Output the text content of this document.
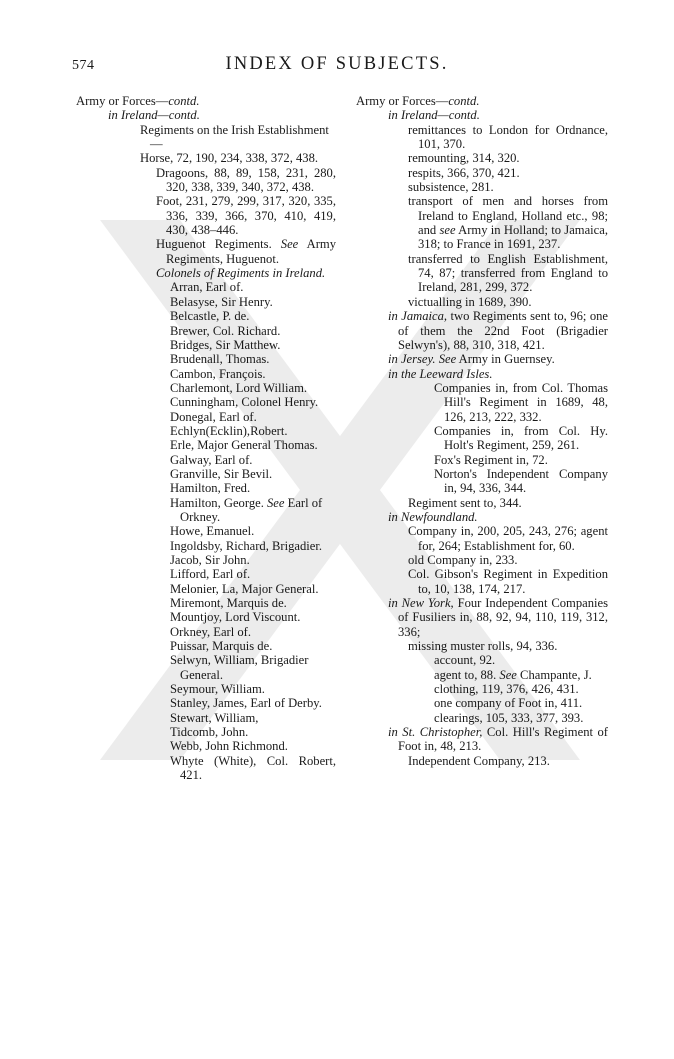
574	INDEX OF SUBJECTS.
Army or Forces—contd.
in Ireland—contd.
Regiments on the Irish Establishment—
Horse, 72, 190, 234, 338, 372, 438.
Dragoons, 88, 89, 158, 231, 280, 320, 338, 339, 340, 372, 438.
Foot, 231, 279, 299, 317, 320, 335, 336, 339, 366, 370, 410, 419, 430, 438–446.
Huguenot Regiments. See Army Regiments, Huguenot.
Colonels of Regiments in Ireland.
Arran, Earl of.
Belasyse, Sir Henry.
Belcastle, P. de.
Brewer, Col. Richard.
Bridges, Sir Matthew.
Brudenall, Thomas.
Cambon, François.
Charlemont, Lord William.
Cunningham, Colonel Henry.
Donegal, Earl of.
Echlyn(Ecklin),Robert.
Erle, Major General Thomas.
Galway, Earl of.
Granville, Sir Bevil.
Hamilton, Fred.
Hamilton, George. See Earl of Orkney.
Howe, Emanuel.
Ingoldsby, Richard, Brigadier.
Jacob, Sir John.
Lifford, Earl of.
Melonier, La, Major General.
Miremont, Marquis de.
Mountjoy, Lord Viscount.
Orkney, Earl of.
Puissar, Marquis de.
Selwyn, William, Brigadier General.
Seymour, William.
Stanley, James, Earl of Derby.
Stewart, William,
Tidcomb, John.
Webb, John Richmond.
Whyte (White), Col. Robert, 421.
Army or Forces—contd.
in Ireland—contd.
remittances to London for Ordnance, 101, 370.
remounting, 314, 320.
respits, 366, 370, 421.
subsistence, 281.
transport of men and horses from Ireland to England, Holland etc., 98; and see Army in Holland; to Jamaica, 318; to France in 1691, 237.
transferred to English Establishment, 74, 87; transferred from England to Ireland, 281, 299, 372.
victualling in 1689, 390.
in Jamaica, two Regiments sent to, 96; one of them the 22nd Foot (Brigadier Selwyn's), 88, 310, 318, 421.
in Jersey. See Army in Guernsey.
in the Leeward Isles.
Companies in, from Col. Thomas Hill's Regiment in 1689, 48, 126, 213, 222, 332.
Companies in, from Col. Hy. Holt's Regiment, 259, 261.
Fox's Regiment in, 72.
Norton's Independent Company in, 94, 336, 344.
Regiment sent to, 344.
in Newfoundland.
Company in, 200, 205, 243, 276; agent for, 264; Establishment for, 60.
old Company in, 233.
Col. Gibson's Regiment in Expedition to, 10, 138, 174, 217.
in New York, Four Independent Companies of Fusiliers in, 88, 92, 94, 110, 119, 312, 336;
missing muster rolls, 94, 336.
account, 92.
agent to, 88. See Champante, J.
clothing, 119, 376, 426, 431.
one company of Foot in, 411.
clearings, 105, 333, 377, 393.
in St. Christopher, Col. Hill's Regiment of Foot in, 48, 213.
Independent Company, 213.
